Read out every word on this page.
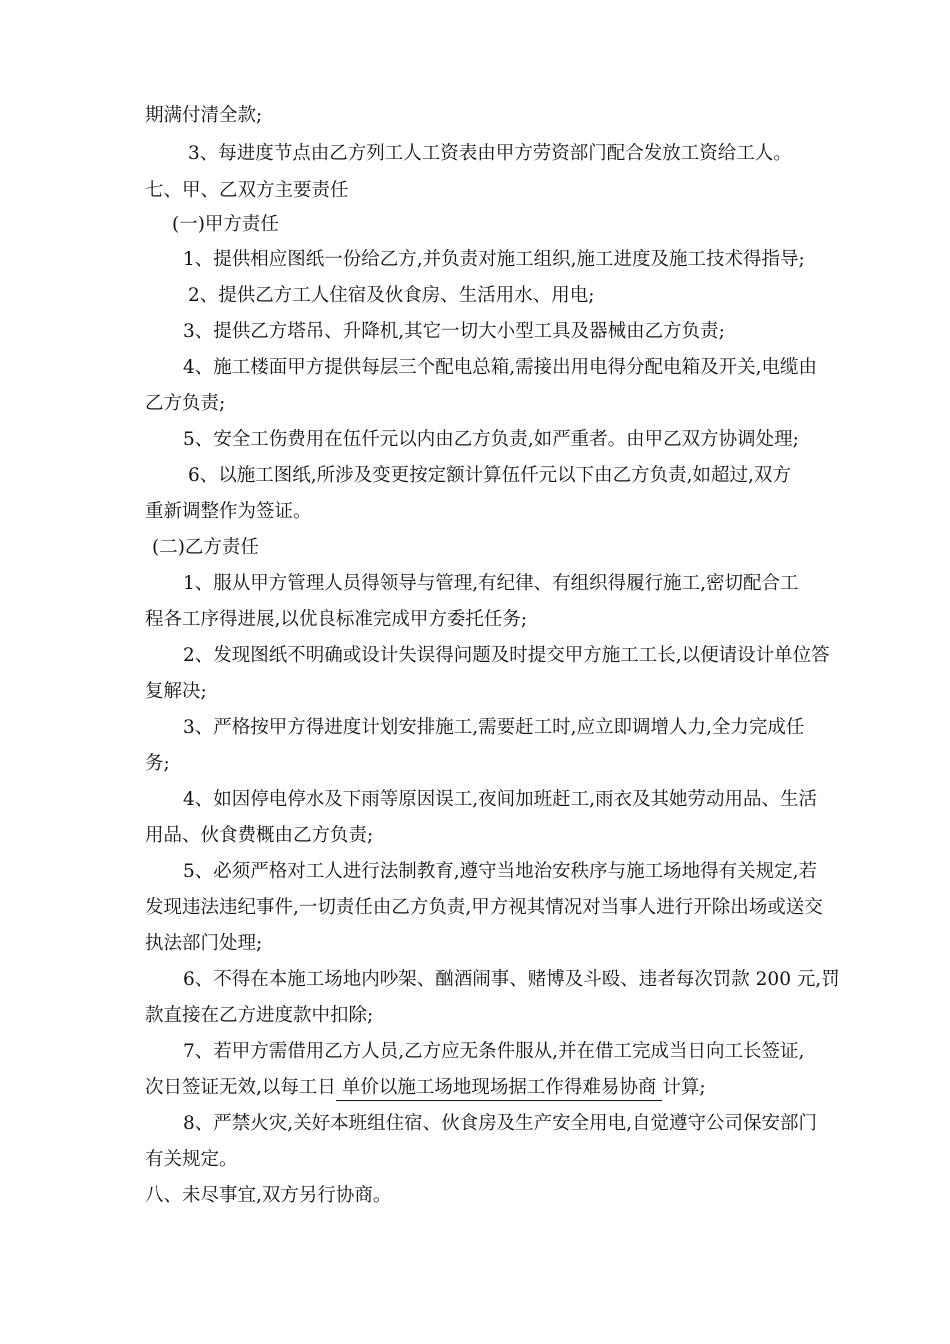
期满付清全款;
3、每进度节点由乙方列工人工资表由甲方劳资部门配合发放工资给工人。
七、甲、乙双方主要责任
(一)甲方责任
1、提供相应图纸一份给乙方,并负责对施工组织,施工进度及施工技术得指导;
2、提供乙方工人住宿及伙食房、生活用水、用电;
3、提供乙方塔吊、升降机,其它一切大小型工具及器械由乙方负责;
4、施工楼面甲方提供每层三个配电总箱,需接出用电得分配电箱及开关,电缆由
乙方负责;
5、安全工伤费用在伍仟元以内由乙方负责,如严重者。由甲乙双方协调处理;
6、以施工图纸,所涉及变更按定额计算伍仟元以下由乙方负责,如超过,双方
重新调整作为签证。
(二)乙方责任
1、服从甲方管理人员得领导与管理,有纪律、有组织得履行施工,密切配合工
程各工序得进展,以优良标准完成甲方委托任务;
2、发现图纸不明确或设计失误得问题及时提交甲方施工工长,以便请设计单位答
复解决;
3、严格按甲方得进度计划安排施工,需要赶工时,应立即调增人力,全力完成任
务;
4、如因停电停水及下雨等原因误工,夜间加班赶工,雨衣及其她劳动用品、生活
用品、伙食费概由乙方负责;
5、必须严格对工人进行法制教育,遵守当地治安秩序与施工场地得有关规定,若
发现违法违纪事件,一切责任由乙方负责,甲方视其情况对当事人进行开除出场或送交
执法部门处理;
6、不得在本施工场地内吵架、酗酒闹事、赌博及斗殴、违者每次罚款 200 元,罚
款直接在乙方进度款中扣除;
7、若甲方需借用乙方人员,乙方应无条件服从,并在借工完成当日向工长签证,
次日签证无效,以每工日 单价以施工场地现场据工作得难易协商 计算;
8、严禁火灾,关好本班组住宿、伙食房及生产安全用电,自觉遵守公司保安部门
有关规定。
八、未尽事宜,双方另行协商。
